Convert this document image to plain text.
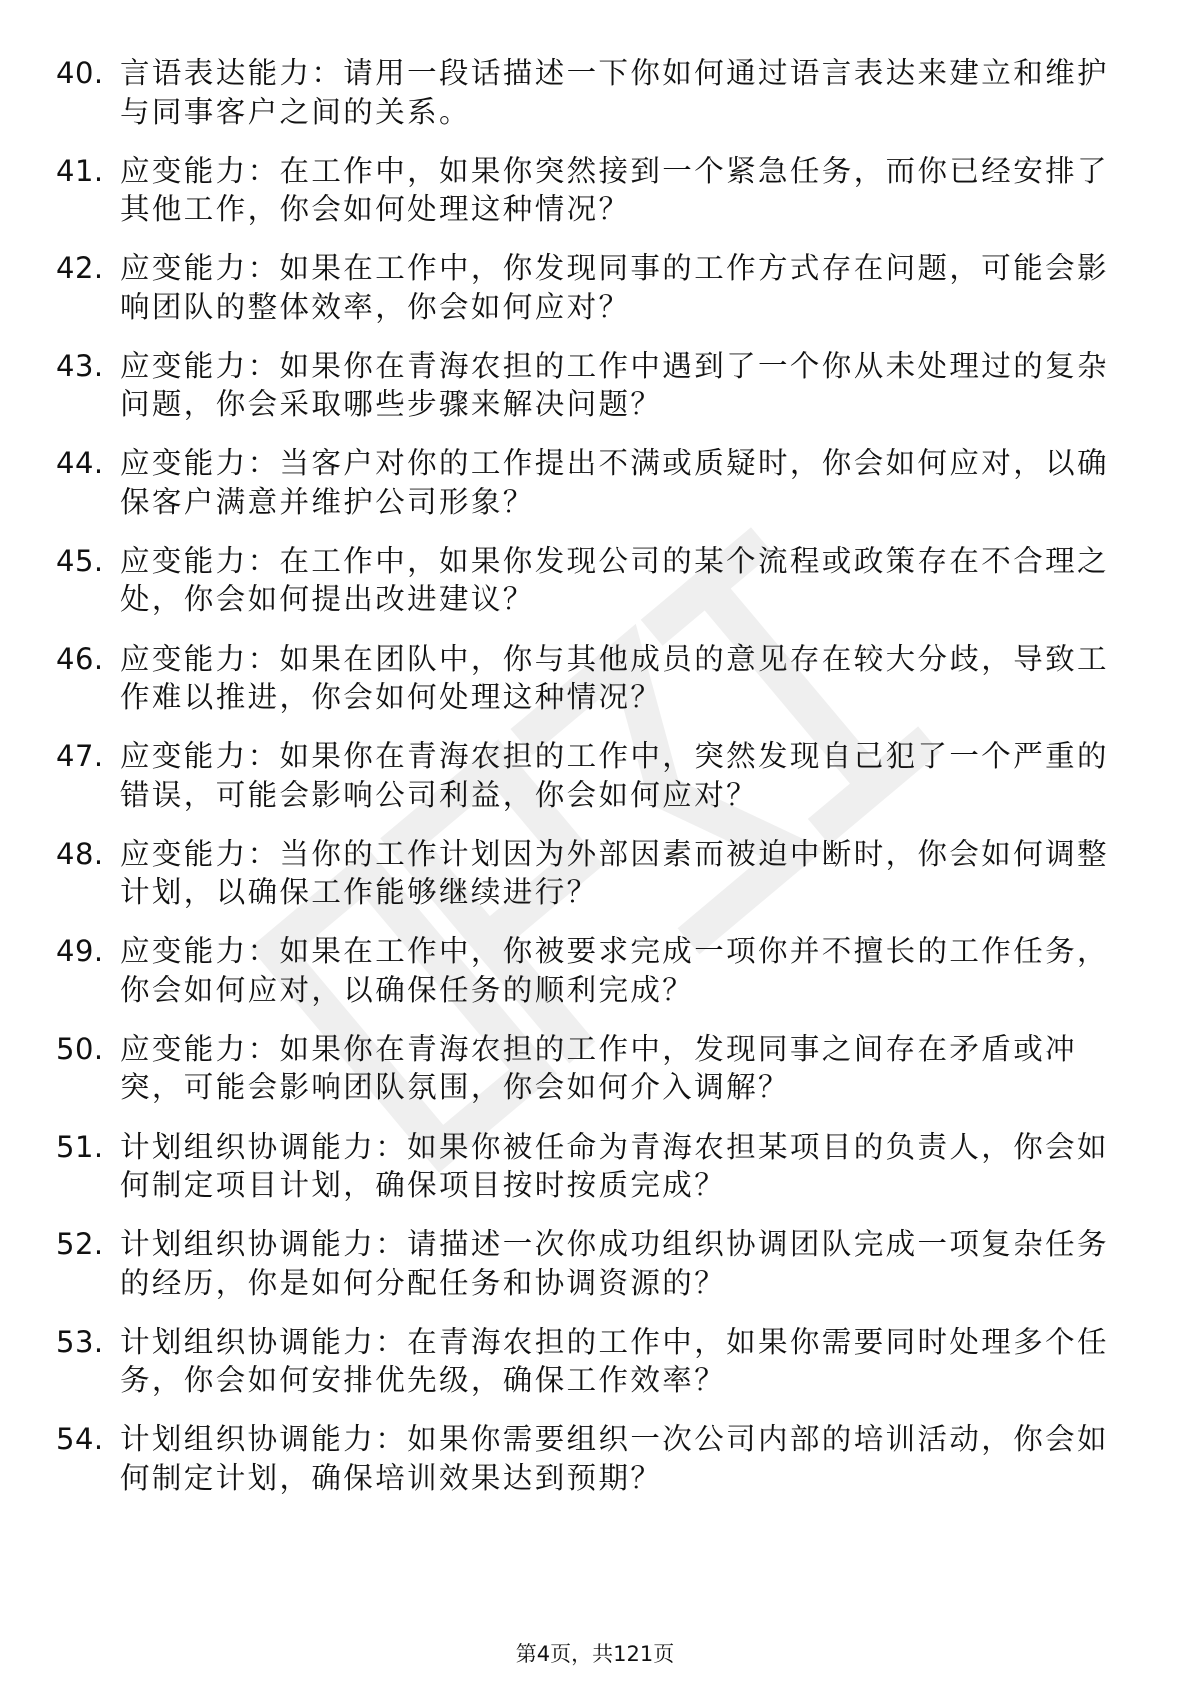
40. 言语表达能力：请用一段话描述一下你如何通过语言表达来建立和维护与同事客户之间的关系。
41. 应变能力：在工作中，如果你突然接到一个紧急任务，而你已经安排了其他工作，你会如何处理这种情况？
42. 应变能力：如果在工作中，你发现同事的工作方式存在问题，可能会影响团队的整体效率，你会如何应对？
43. 应变能力：如果你在青海农担的工作中遇到了一个你从未处理过的复杂问题，你会采取哪些步骤来解决问题？
44. 应变能力：当客户对你的工作提出不满或质疑时，你会如何应对，以确保客户满意并维护公司形象？
45. 应变能力：在工作中，如果你发现公司的某个流程或政策存在不合理之处，你会如何提出改进建议？
46. 应变能力：如果在团队中，你与其他成员的意见存在较大分歧，导致工作难以推进，你会如何处理这种情况？
47. 应变能力：如果你在青海农担的工作中，突然发现自己犯了一个严重的错误，可能会影响公司利益，你会如何应对？
48. 应变能力：当你的工作计划因为外部因素而被迫中断时，你会如何调整计划，以确保工作能够继续进行？
49. 应变能力：如果在工作中，你被要求完成一项你并不擅长的工作任务，你会如何应对，以确保任务的顺利完成？
50. 应变能力：如果你在青海农担的工作中，发现同事之间存在矛盾或冲突，可能会影响团队氛围，你会如何介入调解？
51. 计划组织协调能力：如果你被任命为青海农担某项目的负责人，你会如何制定项目计划，确保项目按时按质完成？
52. 计划组织协调能力：请描述一次你成功组织协调团队完成一项复杂任务的经历，你是如何分配任务和协调资源的？
53. 计划组织协调能力：在青海农担的工作中，如果你需要同时处理多个任务，你会如何安排优先级，确保工作效率？
54. 计划组织协调能力：如果你需要组织一次公司内部的培训活动，你会如何制定计划，确保培训效果达到预期？
第4页，共121页
